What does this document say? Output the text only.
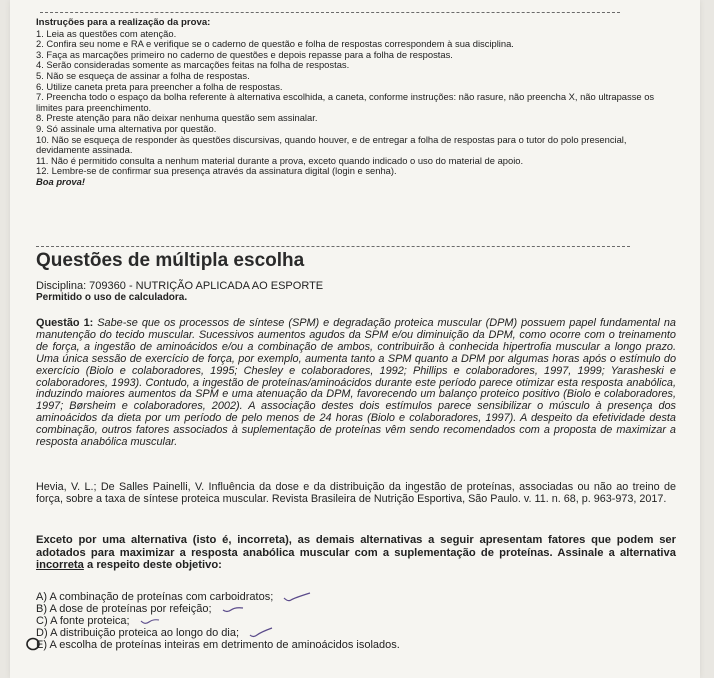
Instruções para a realização da prova:
1. Leia as questões com atenção.
2. Confira seu nome e RA e verifique se o caderno de questão e folha de respostas correspondem à sua disciplina.
3. Faça as marcações primeiro no caderno de questões e depois repasse para a folha de respostas.
4. Serão consideradas somente as marcações feitas na folha de respostas.
5. Não se esqueça de assinar a folha de respostas.
6. Utilize caneta preta para preencher a folha de respostas.
7. Preencha todo o espaço da bolha referente à alternativa escolhida, a caneta, conforme instruções: não rasure, não preencha X, não ultrapasse os limites para preenchimento.
8. Preste atenção para não deixar nenhuma questão sem assinalar.
9. Só assinale uma alternativa por questão.
10. Não se esqueça de responder às questões discursivas, quando houver, e de entregar a folha de respostas para o tutor do polo presencial, devidamente assinada.
11. Não é permitido consulta a nenhum material durante a prova, exceto quando indicado o uso do material de apoio.
12. Lembre-se de confirmar sua presença através da assinatura digital (login e senha).
Boa prova!
Questões de múltipla escolha
Disciplina: 709360 - NUTRIÇÃO APLICADA AO ESPORTE
Permitido o uso de calculadora.
Questão 1: Sabe-se que os processos de síntese (SPM) e degradação proteica muscular (DPM) possuem papel fundamental na manutenção do tecido muscular. Sucessivos aumentos agudos da SPM e/ou diminuição da DPM, como ocorre com o treinamento de força, a ingestão de aminoácidos e/ou a combinação de ambos, contribuirão à conhecida hipertrofia muscular a longo prazo. Uma única sessão de exercício de força, por exemplo, aumenta tanto a SPM quanto a DPM por algumas horas após o estímulo do exercício (Biolo e colaboradores, 1995; Chesley e colaboradores, 1992; Phillips e colaboradores, 1997, 1999; Yarasheski e colaboradores, 1993). Contudo, a ingestão de proteínas/aminoácidos durante este período parece otimizar esta resposta anabólica, induzindo maiores aumentos da SPM e uma atenuação da DPM, favorecendo um balanço proteico positivo (Biolo e colaboradores, 1997; Børsheim e colaboradores, 2002). A associação destes dois estímulos parece sensibilizar o músculo à presença dos aminoácidos da dieta por um período de pelo menos de 24 horas (Biolo e colaboradores, 1997). A despeito da efetividade desta combinação, outros fatores associados à suplementação de proteínas vêm sendo recomendados com a proposta de maximizar a resposta anabólica muscular.
Hevia, V. L.; De Salles Painelli, V. Influência da dose e da distribuição da ingestão de proteínas, associadas ou não ao treino de força, sobre a taxa de síntese proteica muscular. Revista Brasileira de Nutrição Esportiva, São Paulo. v. 11. n. 68, p. 963-973, 2017.
Exceto por uma alternativa (isto é, incorreta), as demais alternativas a seguir apresentam fatores que podem ser adotados para maximizar a resposta anabólica muscular com a suplementação de proteínas. Assinale a alternativa incorreta a respeito deste objetivo:
A) A combinação de proteínas com carboidratos;
B) A dose de proteínas por refeição;
C) A fonte proteica;
D) A distribuição proteica ao longo do dia;
E) A escolha de proteínas inteiras em detrimento de aminoácidos isolados.
